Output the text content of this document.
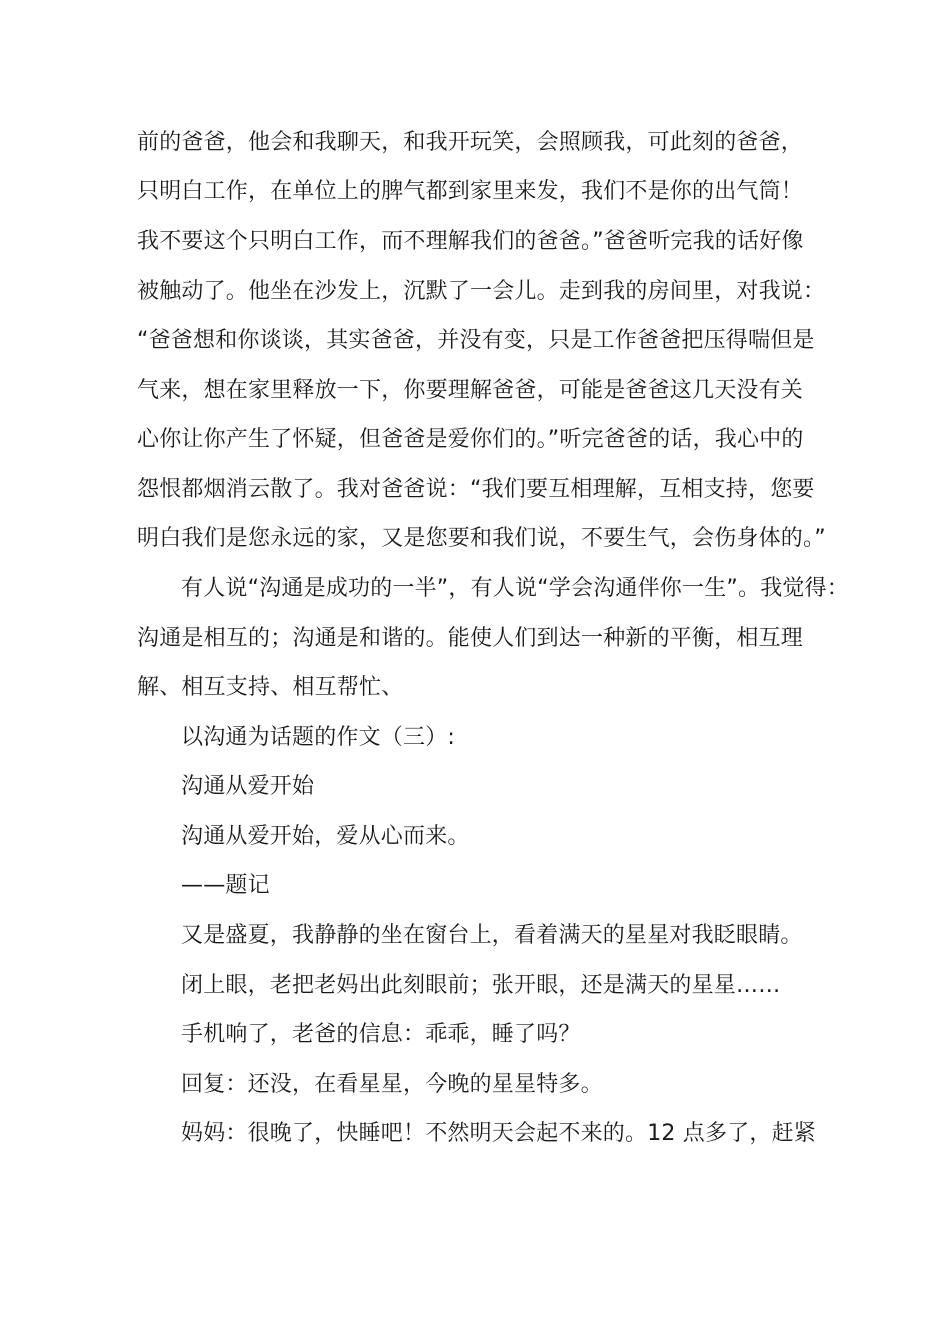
前的爸爸，他会和我聊天，和我开玩笑，会照顾我，可此刻的爸爸，
只明白工作，在单位上的脾气都到家里来发，我们不是你的出气筒！
我不要这个只明白工作，而不理解我们的爸爸。”爸爸听完我的话好像
被触动了。他坐在沙发上，沉默了一会儿。走到我的房间里，对我说：
“爸爸想和你谈谈，其实爸爸，并没有变，只是工作爸爸把压得喘但是
气来，想在家里释放一下，你要理解爸爸，可能是爸爸这几天没有关
心你让你产生了怀疑，但爸爸是爱你们的。”听完爸爸的话，我心中的
怨恨都烟消云散了。我对爸爸说：“我们要互相理解，互相支持，您要
明白我们是您永远的家，又是您要和我们说，不要生气，会伤身体的。”
有人说“沟通是成功的一半”，有人说“学会沟通伴你一生”。我觉得：
沟通是相互的；沟通是和谐的。能使人们到达一种新的平衡，相互理
解、相互支持、相互帮忙、
以沟通为话题的作文（三）:
沟通从爱开始
沟通从爱开始，爱从心而来。
——题记
又是盛夏，我静静的坐在窗台上，看着满天的星星对我眨眼睛。
闭上眼，老把老妈出此刻眼前；张开眼，还是满天的星星……
手机响了，老爸的信息：乖乖，睡了吗？
回复：还没，在看星星，今晚的星星特多。
妈妈：很晚了，快睡吧！不然明天会起不来的。12 点多了，赶紧
